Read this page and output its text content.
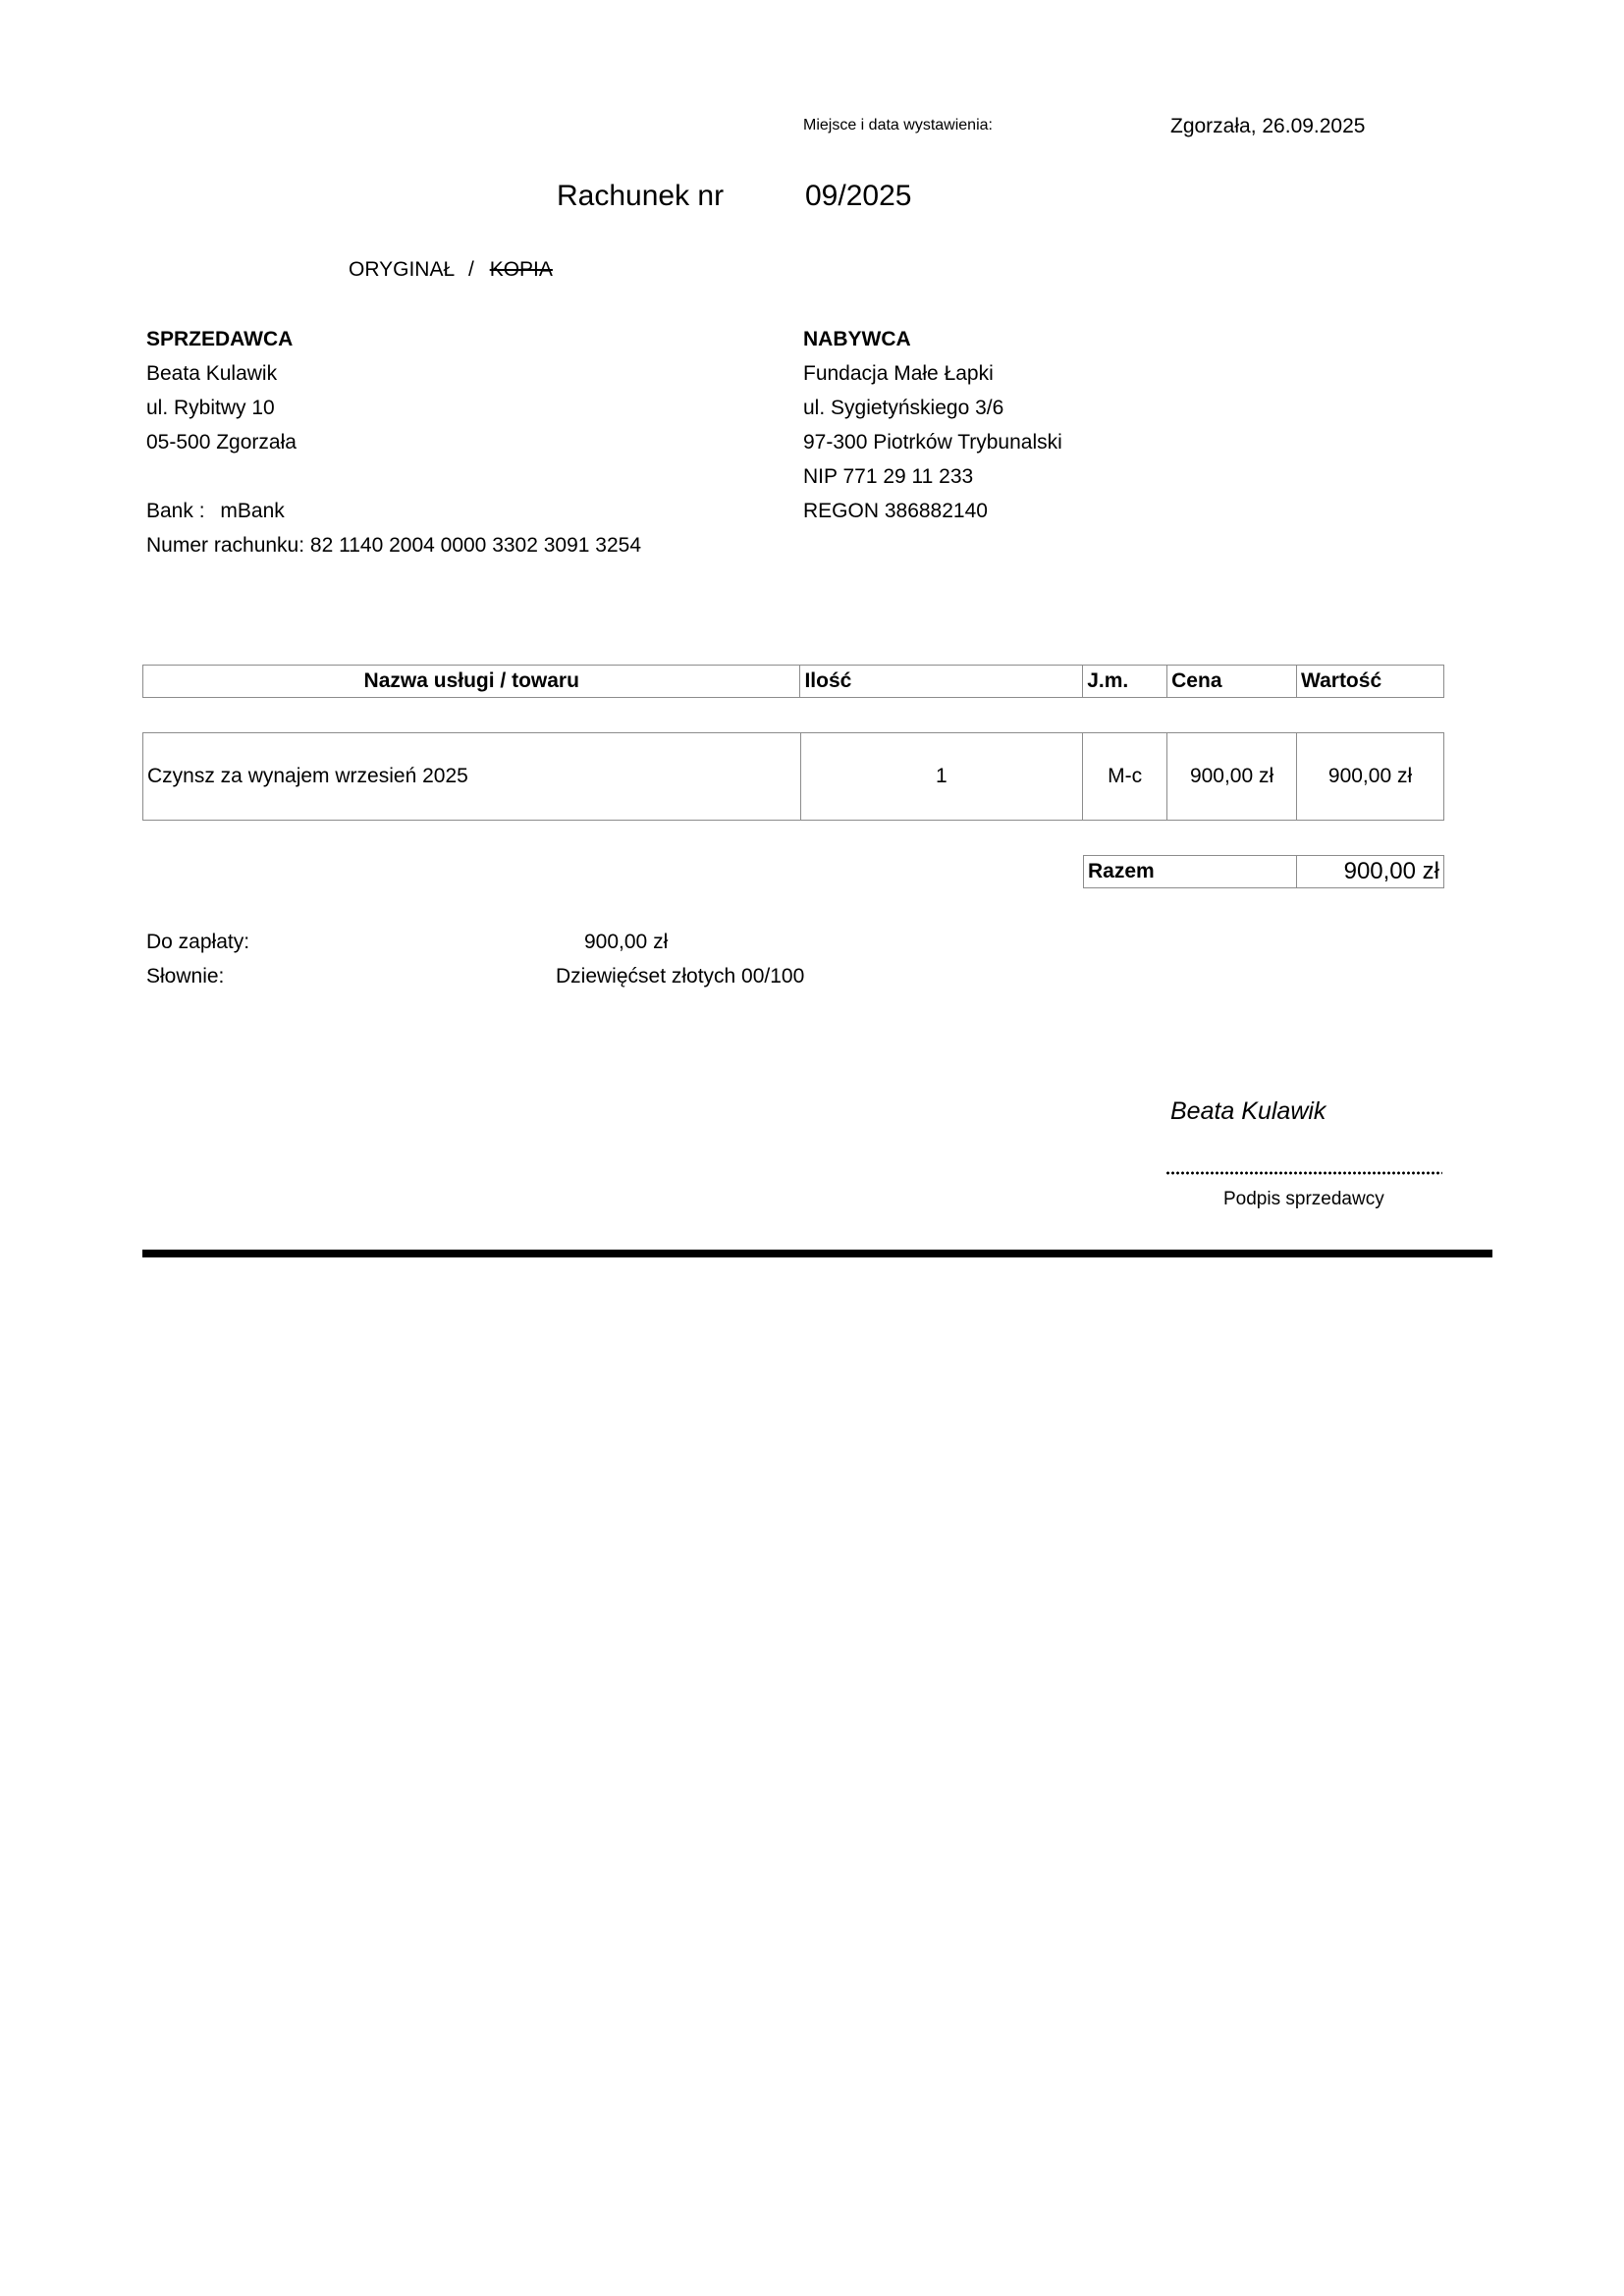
Miejsce i data wystawienia:	Zgorzała, 26.09.2025
Rachunek nr	09/2025
ORYGINAŁ / KOPIA
SPRZEDAWCA
Beata Kulawik
ul. Rybitwy 10
05-500 Zgorzała
Bank : mBank
Numer rachunku: 82 1140 2004 0000 3302 3091 3254
NABYWCA
Fundacja Małe Łapki
ul. Sygietyńskiego 3/6
97-300 Piotrków Trybunalski
NIP 771 29 11 233
REGON 386882140
Nazwa usługi / towaru	Ilość	J.m.	Cena	Wartość
Czynsz za wynajem wrzesień 2025	1	M-c	900,00 zł	900,00 zł
Razem	900,00 zł
Do zapłaty:	900,00 zł
Słownie:	Dziewięćset złotych 00/100
Beata Kulawik
Podpis sprzedawcy
